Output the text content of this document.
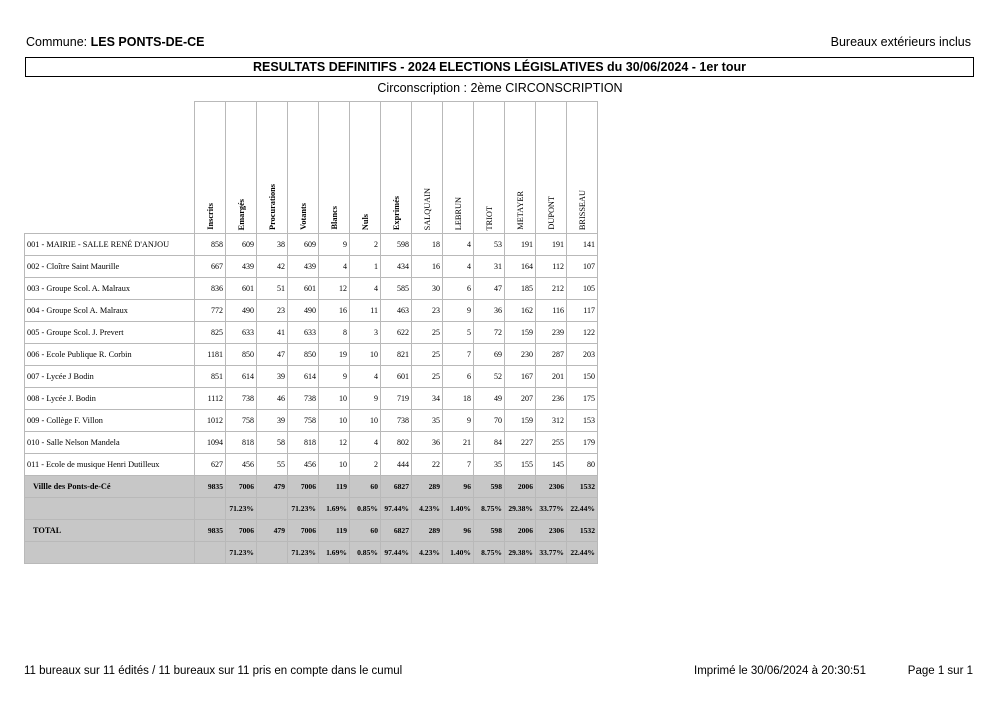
Commune: LES PONTS-DE-CE	Bureaux extérieurs inclus
RESULTATS DEFINITIFS - 2024 ELECTIONS LÉGISLATIVES du 30/06/2024 - 1er tour
Circonscription : 2ème CIRCONSCRIPTION

	Inscrits	Emargés	Procurations	Votants	Blancs	Nuls	Exprimés	SALQUAIN	LEBRUN	TRIOT	METAYER	DUPONT	BRISSEAU

001 - MAIRIE - SALLE RENÉ D'ANJOU	858	609	38	609	9	2	598	18	4	53	191	191	141
002 - Cloître Saint Maurille	667	439	42	439	4	1	434	16	4	31	164	112	107
003 - Groupe Scol. A. Malraux	836	601	51	601	12	4	585	30	6	47	185	212	105
004 - Groupe Scol A. Malraux	772	490	23	490	16	11	463	23	9	36	162	116	117
005 - Groupe Scol. J. Prevert	825	633	41	633	8	3	622	25	5	72	159	239	122
006 - Ecole Publique R. Corbin	1181	850	47	850	19	10	821	25	7	69	230	287	203
007 - Lycée J Bodin	851	614	39	614	9	4	601	25	6	52	167	201	150
008 - Lycée J. Bodin	1112	738	46	738	10	9	719	34	18	49	207	236	175
009 - Collège F. Villon	1012	758	39	758	10	10	738	35	9	70	159	312	153
010 - Salle Nelson Mandela	1094	818	58	818	12	4	802	36	21	84	227	255	179
011 - Ecole de musique Henri Dutilleux	627	456	55	456	10	2	444	22	7	35	155	145	80
Villle des Ponts-de-Cé	9835	7006	479	7006	119	60	6827	289	96	598	2006	2306	1532
		71.23%		71.23%	1.69%	0.85%	97.44%	4.23%	1.40%	8.75%	29.38%	33.77%	22.44%
TOTAL	9835	7006	479	7006	119	60	6827	289	96	598	2006	2306	1532
		71.23%		71.23%	1.69%	0.85%	97.44%	4.23%	1.40%	8.75%	29.38%	33.77%	22.44%
11 bureaux sur 11 édités / 11 bureaux sur 11 pris en compte dans le cumul	Imprimé le 30/06/2024 à 20:30:51	Page 1 sur 1
